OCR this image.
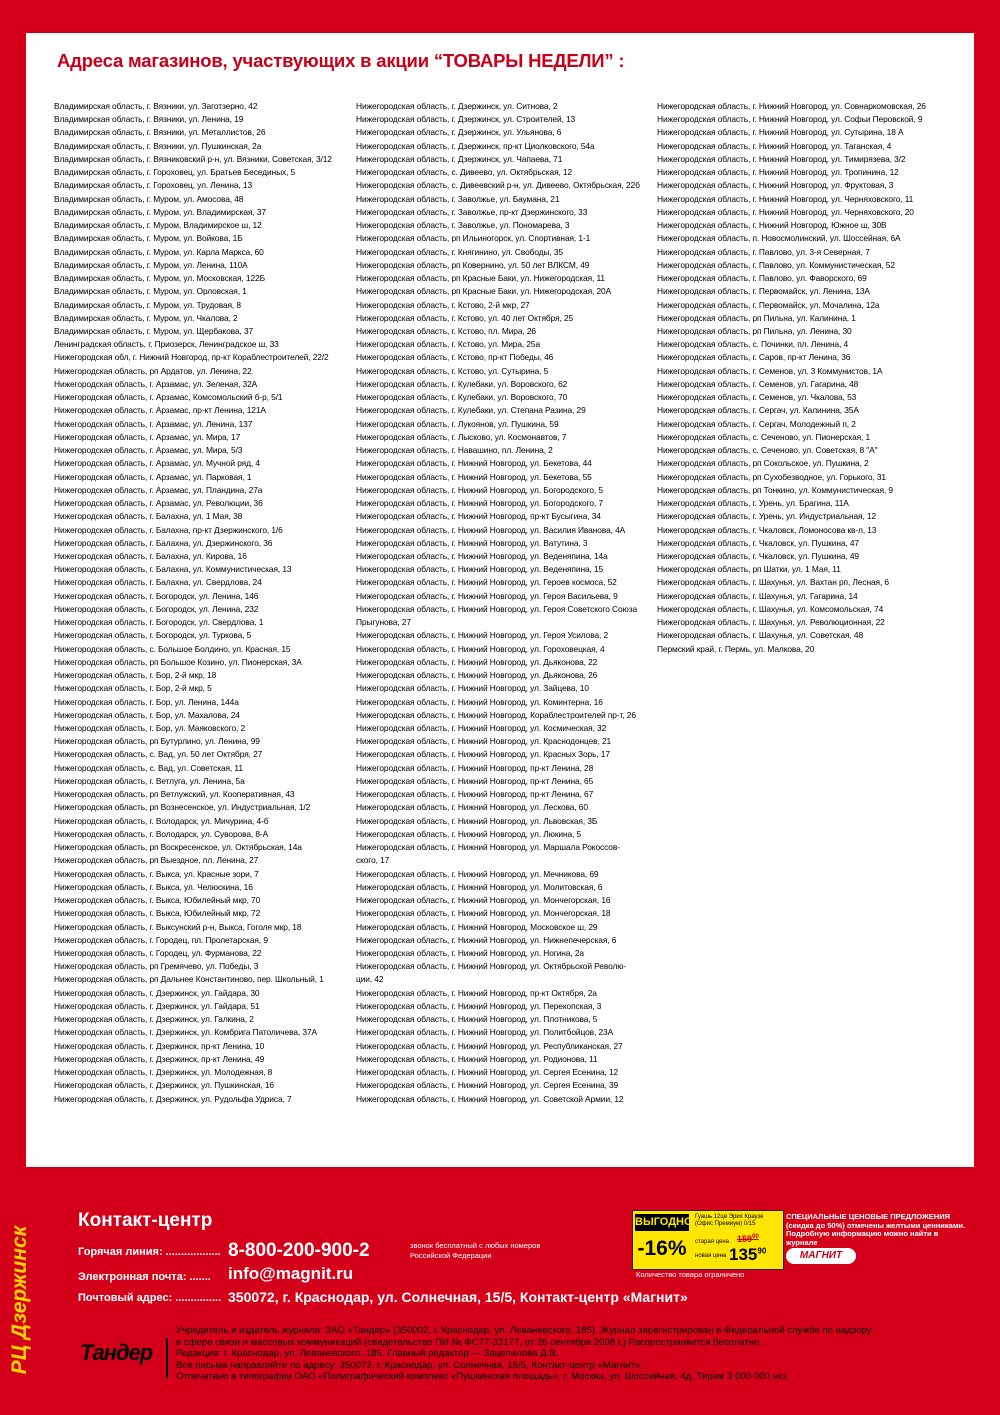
Адреса магазинов, участвующих в акции “ТОВАРЫ НЕДЕЛИ” :
Владимирская область, г. Вязники, ул. Заготзерно, 42
Владимирская область, г. Вязники, ул. Ленина, 19
Владимирская область, г. Вязники, ул. Металлистов, 26
Владимирская область, г. Вязники, ул. Пушкинская, 2а
Владимирская область, г. Вязниковский р-н, ул. Вязники, Советская, 3/12
Владимирская область, г. Гороховец, ул. Братьев Бесединых, 5
Владимирская область, г. Гороховец, ул. Ленина, 13
Владимирская область, г. Муром, ул. Амосова, 48
Владимирская область, г. Муром, ул. Владимирская, 37
Владимирская область, г. Муром, Владимирское ш, 12
Владимирская область, г. Муром, ул. Войкова, 1Б
Владимирская область, г. Муром, ул. Карла Маркса, 60
Владимирская область, г. Муром, ул. Ленина, 110А
Владимирская область, г. Муром, ул. Московская, 122Б
Владимирская область, г. Муром, ул. Орловская, 1
Владимирская область, г. Муром, ул. Трудовая, 8
Владимирская область, г. Муром, ул. Чкалова, 2
Владимирская область, г. Муром, ул. Щербакова, 37
Ленинградская область, г. Приозерск, Ленинградское ш, 33
Нижегородская обл, г. Нижний Новгород, пр-кт Кораблестроителей, 22/2
Нижегородская область, рп Ардатов, ул. Ленина, 22
Нижегородская область, г. Арзамас, ул. Зеленая, 32А
Нижегородская область, г. Арзамас, Комсомольский б-р, 5/1
Нижегородская область, г. Арзамас, пр-кт Ленина, 121А
Нижегородская область, г. Арзамас, ул. Ленина, 137
Нижегородская область, г. Арзамас, ул. Мира, 17
Нижегородская область, г. Арзамас, ул. Мира, 5/3
Нижегородская область, г. Арзамас, ул. Мучной ряд, 4
Нижегородская область, г. Арзамас, ул. Парковая, 1
Нижегородская область, г. Арзамас, ул. Пландина, 27а
Нижегородская область, г. Арзамас, ул. Революции, 36
Нижегородская область, г. Балахна, ул. 1 Мая, 38
Нижегородская область, г. Балахна, пр-кт Дзержинского, 1/6
Нижегородская область, г. Балахна, ул. Дзержинского, 36
Нижегородская область, г. Балахна, ул. Кирова, 16
Нижегородская область, г. Балахна, ул. Коммунистическая, 13
Нижегородская область, г. Балахна, ул. Свердлова, 24
Нижегородская область, г. Богородск, ул. Ленина, 146
Нижегородская область, г. Богородск, ул. Ленина, 232
Нижегородская область, г. Богородск, ул. Свердлова, 1
Нижегородская область, г. Богородск, ул. Туркова, 5
Нижегородская область, с. Большое Болдино, ул. Красная, 15
Нижегородская область, рп Большое Козино, ул. Пионерская, 3А
Нижегородская область, г. Бор, 2-й мкр, 18
Нижегородская область, г. Бор, 2-й мкр, 5
Нижегородская область, г. Бор, ул. Ленина, 144а
Нижегородская область, г. Бор, ул. Махалова, 24
Нижегородская область, г. Бор, ул. Маяковского, 2
Нижегородская область, рп Бутурлино, ул. Ленина, 99
Нижегородская область, с. Вад, ул. 50 лет Октября, 27
Нижегородская область, с. Вад, ул. Советская, 11
Нижегородская область, г. Ветлуга, ул. Ленина, 5а
Нижегородская область, рп Ветлужский, ул. Кооперативная, 43
Нижегородская область, рп Вознесенское, ул. Индустриальная, 1/2
Нижегородская область, г. Володарск, ул. Мичурина, 4-б
Нижегородская область, г. Володарск, ул. Суворова, 8-А
Нижегородская область, рп Воскресенское, ул. Октябрьская, 14а
Нижегородская область, рп Выездное, пл. Ленина, 27
Нижегородская область, г. Выкса, ул. Красные зори, 7
Нижегородская область, г. Выкса, ул. Челюскина, 16
Нижегородская область, г. Выкса, Юбилейный мкр, 70
Нижегородская область, г. Выкса, Юбилейный мкр, 72
Нижегородская область, г. Выксунский р-н, Выкса, Гоголя мкр, 18
Нижегородская область, г. Городец, пл. Пролетарская, 9
Нижегородская область, г. Городец, ул. Фурманова, 22
Нижегородская область, рп Гремячево, ул. Победы, 3
Нижегородская область, рп Дальнее Константиново, пер. Школьный, 1
Нижегородская область, г. Дзержинск, ул. Гайдара, 30
Нижегородская область, г. Дзержинск, ул. Гайдара, 51
Нижегородская область, г. Дзержинск, ул. Галкина, 2
Нижегородская область, г. Дзержинск, ул. Комбрига Патоличева, 37А
Нижегородская область, г. Дзержинск, пр-кт Ленина, 10
Нижегородская область, г. Дзержинск, пр-кт Ленина, 49
Нижегородская область, г. Дзержинск, ул. Молодежная, 8
Нижегородская область, г. Дзержинск, ул. Пушкинская, 16
Нижегородская область, г. Дзержинск, ул. Рудольфа Удриса, 7
Нижегородская область, г. Дзержинск, ул. Ситнова, 2
Нижегородская область, г. Дзержинск, ул. Строителей, 13
Нижегородская область, г. Дзержинск, ул. Ульянова, 6
Нижегородская область, г. Дзержинск, пр-кт Циолковского, 54а
Нижегородская область, г. Дзержинск, ул. Чапаева, 71
Нижегородская область, с. Дивеево, ул. Октябрьская, 12
Нижегородская область, с. Дивеевский р-н, ул. Дивеево, Октябрьская, 22б
Нижегородская область, г. Заволжье, ул. Баумана, 21
Нижегородская область, г. Заволжье, пр-кт Дзержинского, 33
Нижегородская область, г. Заволжье, ул. Пономарева, 3
Нижегородская область, рп Ильиногорск, ул. Спортивная, 1-1
Нижегородская область, г. Княгинино, ул. Свободы, 35
Нижегородская область, рп Ковернино, ул. 50 лет ВЛКСМ, 49
Нижегородская область, рп Красные Баки, ул. Нижегородская, 11
Нижегородская область, рп Красные Баки, ул. Нижегородская, 20А
Нижегородская область, г. Кстово, 2-й мкр, 27
Нижегородская область, г. Кстово, ул. 40 лет Октября, 25
Нижегородская область, г. Кстово, пл. Мира, 26
Нижегородская область, г. Кстово, ул. Мира, 25а
Нижегородская область, г. Кстово, пр-кт Победы, 46
Нижегородская область, г. Кстово, ул. Сутырина, 5
Нижегородская область, г. Кулебаки, ул. Воровского, 62
Нижегородская область, г. Кулебаки, ул. Воровского, 70
Нижегородская область, г. Кулебаки, ул. Степана Разина, 29
Нижегородская область, г. Лукоянов, ул. Пушкина, 59
Нижегородская область, г. Лысково, ул. Космонавтов, 7
Нижегородская область, г. Навашино, пл. Ленина, 2
Нижегородская область, г. Нижний Новгород, ул. Бекетова, 44
Нижегородская область, г. Нижний Новгород, ул. Бекетова, 55
Нижегородская область, г. Нижний Новгород, ул. Богородского, 5
Нижегородская область, г. Нижний Новгород, ул. Богородского, 7
Нижегородская область, г. Нижний Новгород, пр-кт Бусыгина, 34
Нижегородская область, г. Нижний Новгород, ул. Василия Иванова, 4А
Нижегородская область, г. Нижний Новгород, ул. Ватутина, 3
Нижегородская область, г. Нижний Новгород, ул. Веденяпина, 14а
Нижегородская область, г. Нижний Новгород, ул. Веденяпина, 15
Нижегородская область, г. Нижний Новгород, ул. Героев космоса, 52
Нижегородская область, г. Нижний Новгород, ул. Героя Васильева, 9
Нижегородская область, г. Нижний Новгород, ул. Героя Советского Союза
Прыгунова, 27
Нижегородская область, г. Нижний Новгород, ул. Героя Усилова, 2
Нижегородская область, г. Нижний Новгород, ул. Гороховецкая, 4
Нижегородская область, г. Нижний Новгород, ул. Дьяконова, 22
Нижегородская область, г. Нижний Новгород, ул. Дьяконова, 26
Нижегородская область, г. Нижний Новгород, ул. Зайцева, 10
Нижегородская область, г. Нижний Новгород, ул. Коминтерна, 16
Нижегородская область, г. Нижний Новгород, Кораблестроителей пр-т, 26
Нижегородская область, г. Нижний Новгород, ул. Космическая, 32
Нижегородская область, г. Нижний Новгород, ул. Краснодонцев, 21
Нижегородская область, г. Нижний Новгород, ул. Красных Зорь, 17
Нижегородская область, г. Нижний Новгород, пр-кт Ленина, 28
Нижегородская область, г. Нижний Новгород, пр-кт Ленина, 65
Нижегородская область, г. Нижний Новгород, пр-кт Ленина, 67
Нижегородская область, г. Нижний Новгород, ул. Лескова, 60
Нижегородская область, г. Нижний Новгород, ул. Львовская, 3Б
Нижегородская область, г. Нижний Новгород, ул. Люкина, 5
Нижегородская область, г. Нижний Новгород, ул. Маршала Рокоссов-
ского, 17
Нижегородская область, г. Нижний Новгород, ул. Мечникова, 69
Нижегородская область, г. Нижний Новгород, ул. Молитовская, 6
Нижегородская область, г. Нижний Новгород, ул. Мончегорская, 16
Нижегородская область, г. Нижний Новгород, ул. Мончегорская, 18
Нижегородская область, г. Нижний Новгород, Московское ш, 29
Нижегородская область, г. Нижний Новгород, ул. Нижнепечерская, 6
Нижегородская область, г. Нижний Новгород, ул. Ногина, 2а
Нижегородская область, г. Нижний Новгород, ул. Октябрьской Револю-
ции, 42
Нижегородская область, г. Нижний Новгород, пр-кт Октября, 2а
Нижегородская область, г. Нижний Новгород, ул. Перекопская, 3
Нижегородская область, г. Нижний Новгород, ул. Плотникова, 5
Нижегородская область, г. Нижний Новгород, ул. Политбойцов, 23А
Нижегородская область, г. Нижний Новгород, ул. Республиканская, 27
Нижегородская область, г. Нижний Новгород, ул. Родионова, 11
Нижегородская область, г. Нижний Новгород, ул. Сергея Есенина, 12
Нижегородская область, г. Нижний Новгород, ул. Сергея Есенина, 39
Нижегородская область, г. Нижний Новгород, ул. Советской Армии, 12
Нижегородская область, г. Нижний Новгород, ул. Совнаркомовская, 26
Нижегородская область, г. Нижний Новгород, ул. Софьи Перовской, 9
Нижегородская область, г. Нижний Новгород, ул. Сутырина, 18 А
Нижегородская область, г. Нижний Новгород, ул. Таганская, 4
Нижегородская область, г. Нижний Новгород, ул. Тимирязева, 3/2
Нижегородская область, г. Нижний Новгород, ул. Тропинина, 12
Нижегородская область, г. Нижний Новгород, ул. Фруктовая, 3
Нижегородская область, г. Нижний Новгород, ул. Черняховского, 11
Нижегородская область, г. Нижний Новгород, ул. Черняховского, 20
Нижегородская область, г. Нижний Новгород, Южное ш, 30В
Нижегородская область, п. Новосмолинский, ул. Шоссейная, 6А
Нижегородская область, г. Павлово, ул. 3-я Северная, 7
Нижегородская область, г. Павлово, ул. Коммунистическая, 52
Нижегородская область, г. Павлово, ул. Фаворского, 69
Нижегородская область, г. Первомайск, ул. Ленина, 13А
Нижегородская область, г. Первомайск, ул. Мочалина, 12а
Нижегородская область, рп Пильна, ул. Калинина, 1
Нижегородская область, рп Пильна, ул. Ленина, 30
Нижегородская область, с. Починки, пл. Ленина, 4
Нижегородская область, г. Саров, пр-кт Ленина, 36
Нижегородская область, г. Семенов, ул. 3 Коммунистов, 1А
Нижегородская область, г. Семенов, ул. Гагарина, 48
Нижегородская область, г. Семенов, ул. Чкалова, 53
Нижегородская область, г. Сергач, ул. Калинина, 35А
Нижегородская область, г. Сергач, Молодежный п, 2
Нижегородская область, с. Сеченово, ул. Пионерская, 1
Нижегородская область, с. Сеченово, ул. Советская, 8 "А"
Нижегородская область, рп Сокольское, ул. Пушкина, 2
Нижегородская область, рп Сухобезводное, ул. Горького, 31
Нижегородская область, рп Тонкино, ул. Коммунистическая, 9
Нижегородская область, г. Урень, ул. Брагина, 11А
Нижегородская область, г. Урень, ул. Индустриальная, 12
Нижегородская область, г. Чкаловск, Ломоносова кв-л, 13
Нижегородская область, г. Чкаловск, ул. Пушкина, 47
Нижегородская область, г. Чкаловск, ул. Пушкина, 49
Нижегородская область, рп Шатки, ул. 1 Мая, 11
Нижегородская область, г. Шахунья, ул. Вахтан рп, Лесная, 6
Нижегородская область, г. Шахунья, ул. Гагарина, 14
Нижегородская область, г. Шахунья, ул. Комсомольская, 74
Нижегородская область, г. Шахунья, ул. Революционная, 22
Нижегородская область, г. Шахунья, ул. Советская, 48
Пермский край, г. Пермь, ул. Малкова, 20
РЦ Дзержинск
Контакт-центр
Горячая линия: .................. 8-800-200-900-2	звонок бесплатный с любых номеров Российской Федерации
Электронная почта: ....... info@magnit.ru
Почтовый адрес: ............... 350072, г. Краснодар, ул. Солнечная, 15/5, Контакт-центр «Магнит»
ВЫГОДНО
-16%
Гуашь 12цв Эрих Краузе (Офис Премиум) 0/15
старая цена $159^{90}$
новая цена $135^{90}$
Количество товара ограничено
СПЕЦИАЛЬНЫЕ ЦЕНОВЫЕ ПРЕДЛОЖЕНИЯ (скидка до 50%) отмечены желтыми ценниками. Подробную информацию можно найти в журнале
МАГНИТ
Тандер
Учредитель и издатель журнала: ЗАО «Тандер» (350002, г. Краснодар, ул. Леваневского, 185). Журнал зарегистрирован в Федеральной службе по надзору
в сфере связи и массовых коммуникаций (свидетельство ПИ № ФС77-33177, от 26 сентября 2008 г.) Распространяется бесплатно.
Редакция: г. Краснодар, ул. Леваневского, 185. Главный редактор — Зацепилова Д.В.
Все письма направляйте по адресу: 350072, г. Краснодар, ул. Солнечная, 15/5, Контакт-центр «Магнит».
Отпечатано в типографии ОАО «Полиграфический комплекс «Пушкинская площадь», г. Москва, ул. Шоссейная, 4д. Тираж 3 000 000 экз.
